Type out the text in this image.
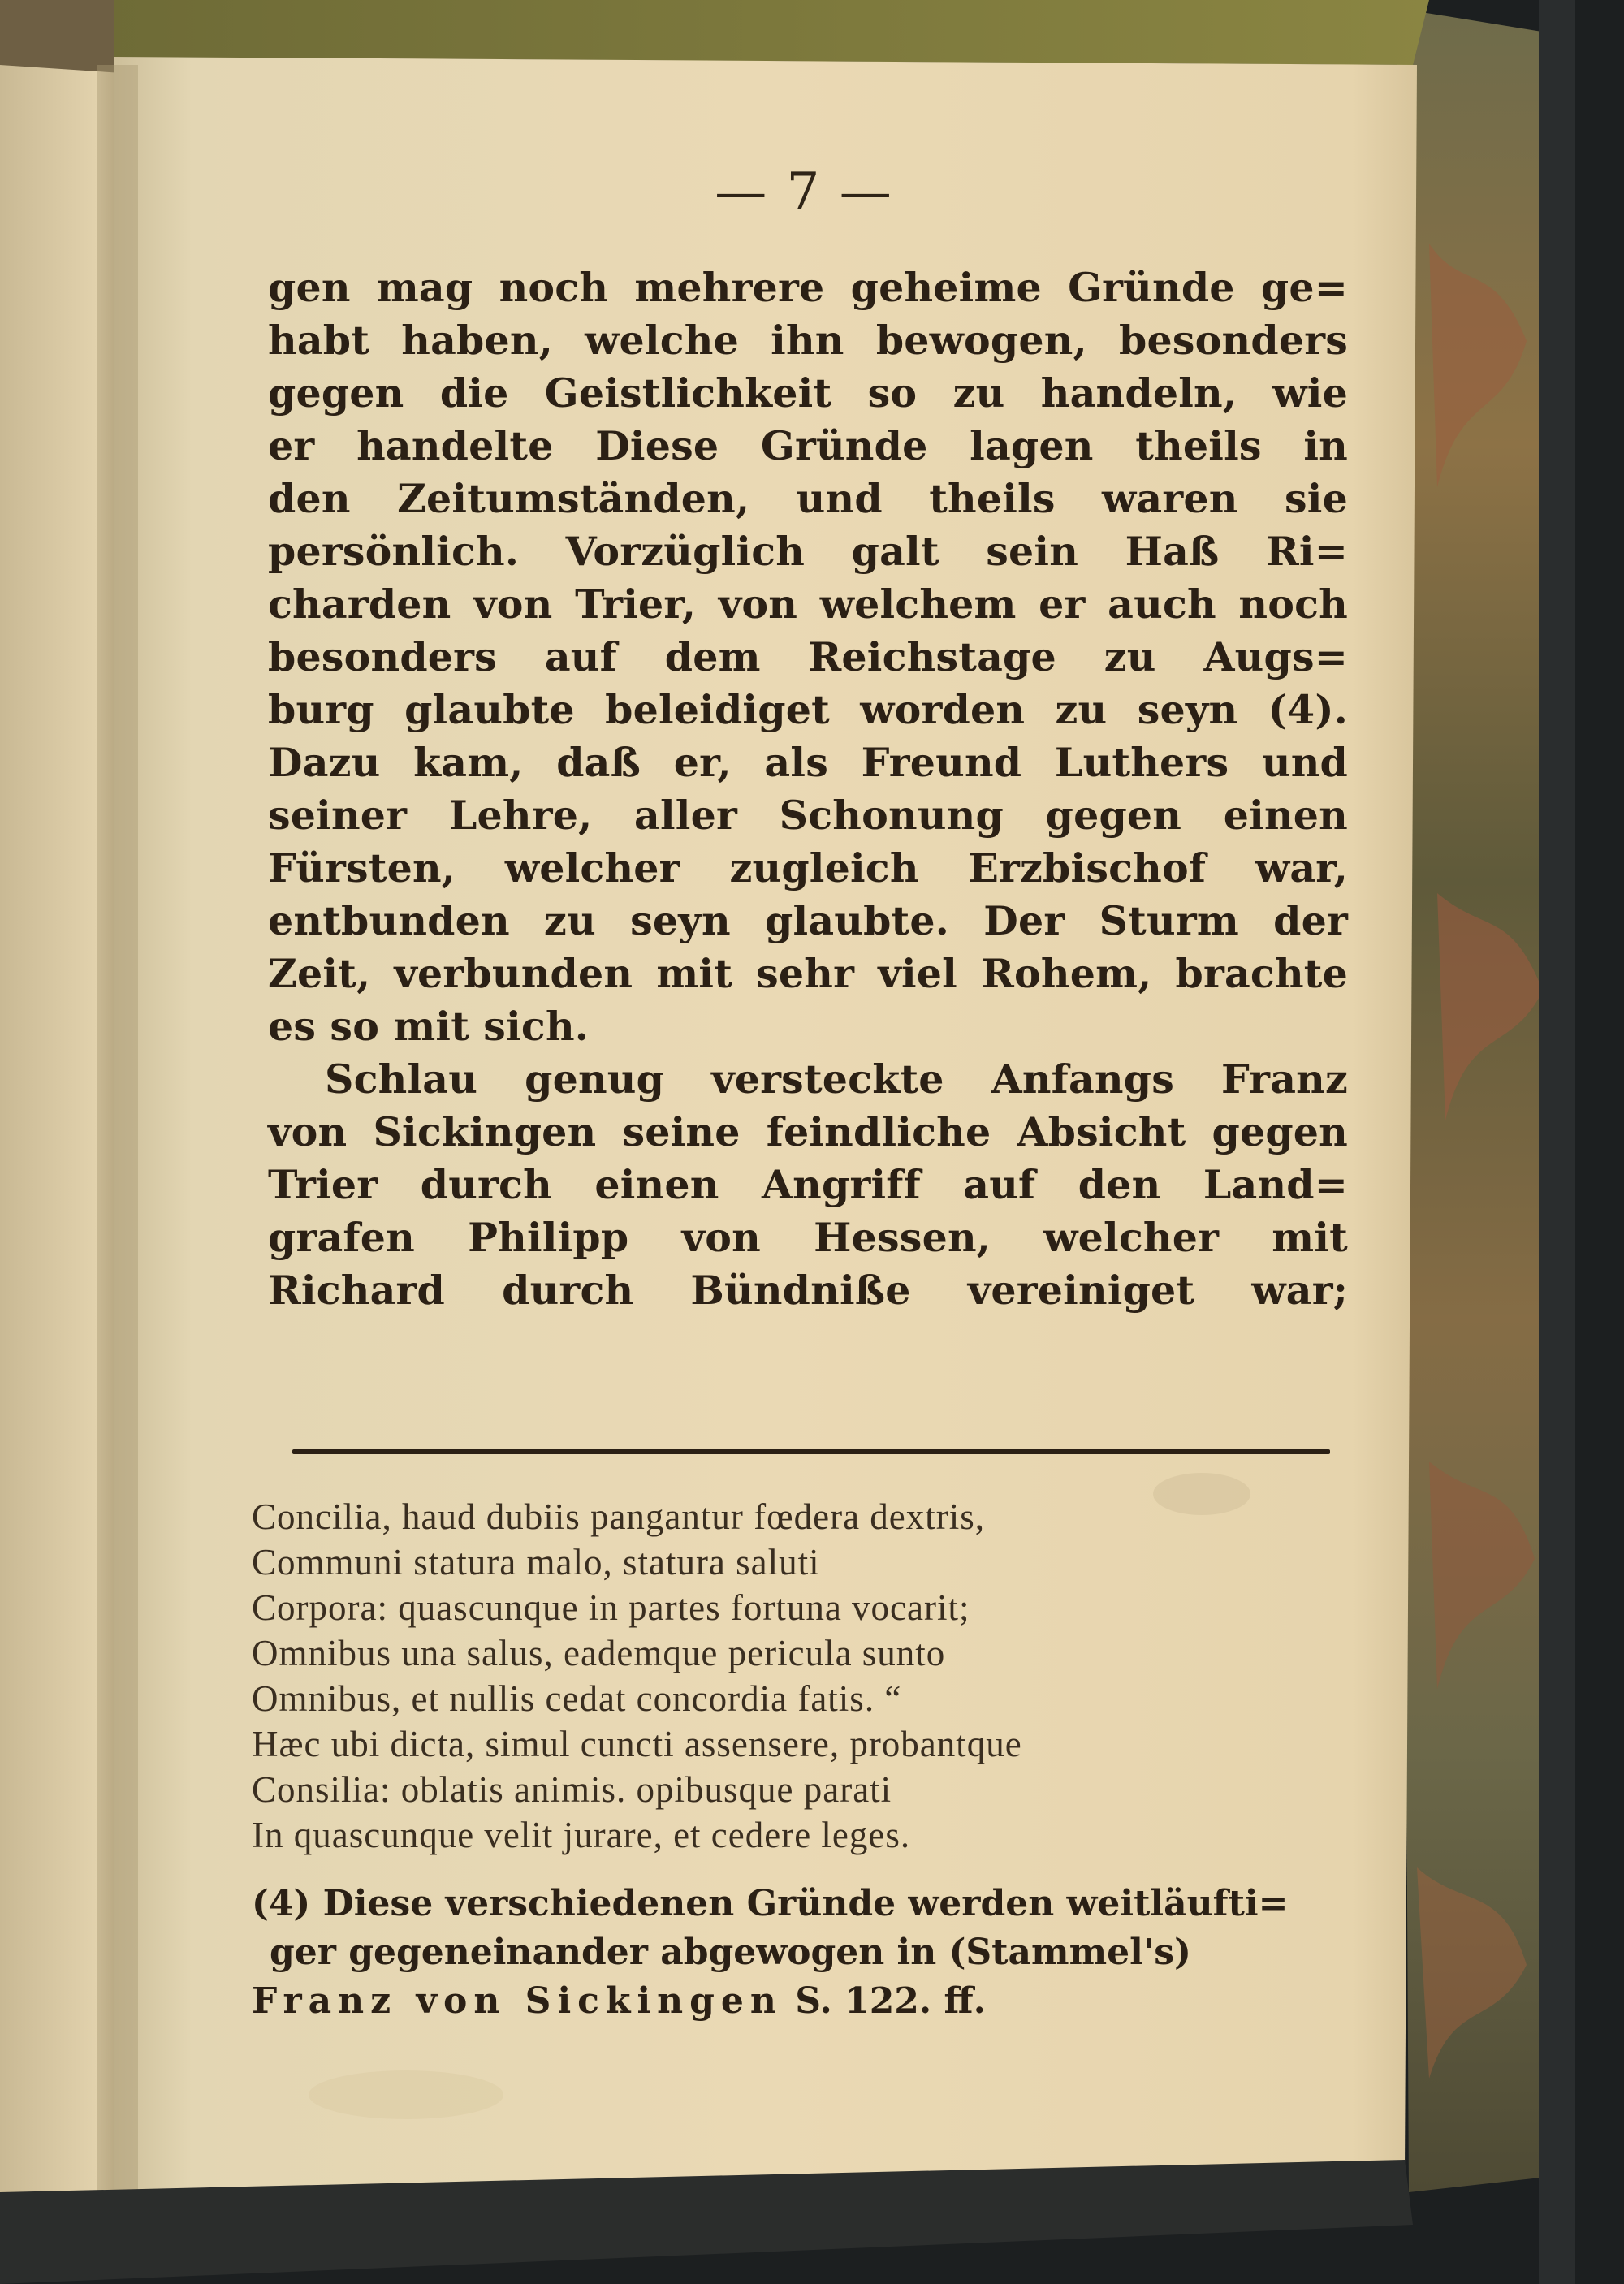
— 7 —
gen mag noch mehrere geheime Gründe ge=
habt haben, welche ihn bewogen, besonders
gegen die Geistlichkeit so zu handeln, wie
er handelte Diese Gründe lagen theils in
den Zeitumständen, und theils waren sie
persönlich. Vorzüglich galt sein Haß Ri=
charden von Trier, von welchem er auch noch
besonders auf dem Reichstage zu Augs=
burg glaubte beleidiget worden zu seyn (4).
Dazu kam, daß er, als Freund Luthers und
seiner Lehre, aller Schonung gegen einen
Fürsten, welcher zugleich Erzbischof war,
entbunden zu seyn glaubte. Der Sturm der
Zeit, verbunden mit sehr viel Rohem, brachte
es so mit sich.
Schlau genug versteckte Anfangs Franz
von Sickingen seine feindliche Absicht gegen
Trier durch einen Angriff auf den Land=
grafen Philipp von Hessen, welcher mit
Richard durch Bündniße vereiniget war;
Concilia, haud dubiis pangantur fœdera dextris,
Communi statura malo, statura saluti
Corpora: quascunque in partes fortuna vocarit;
Omnibus una salus, eademque pericula sunto
Omnibus, et nullis cedat concordia fatis. “
Hæc ubi dicta, simul cuncti assensere, probantque
Consilia: oblatis animis. opibusque parati
In quascunque velit jurare, et cedere leges.
(4) Diese verschiedenen Gründe werden weitläufti=
ger gegeneinander abgewogen in (Stammel's)
Franz von Sickingen S. 122. ff.
